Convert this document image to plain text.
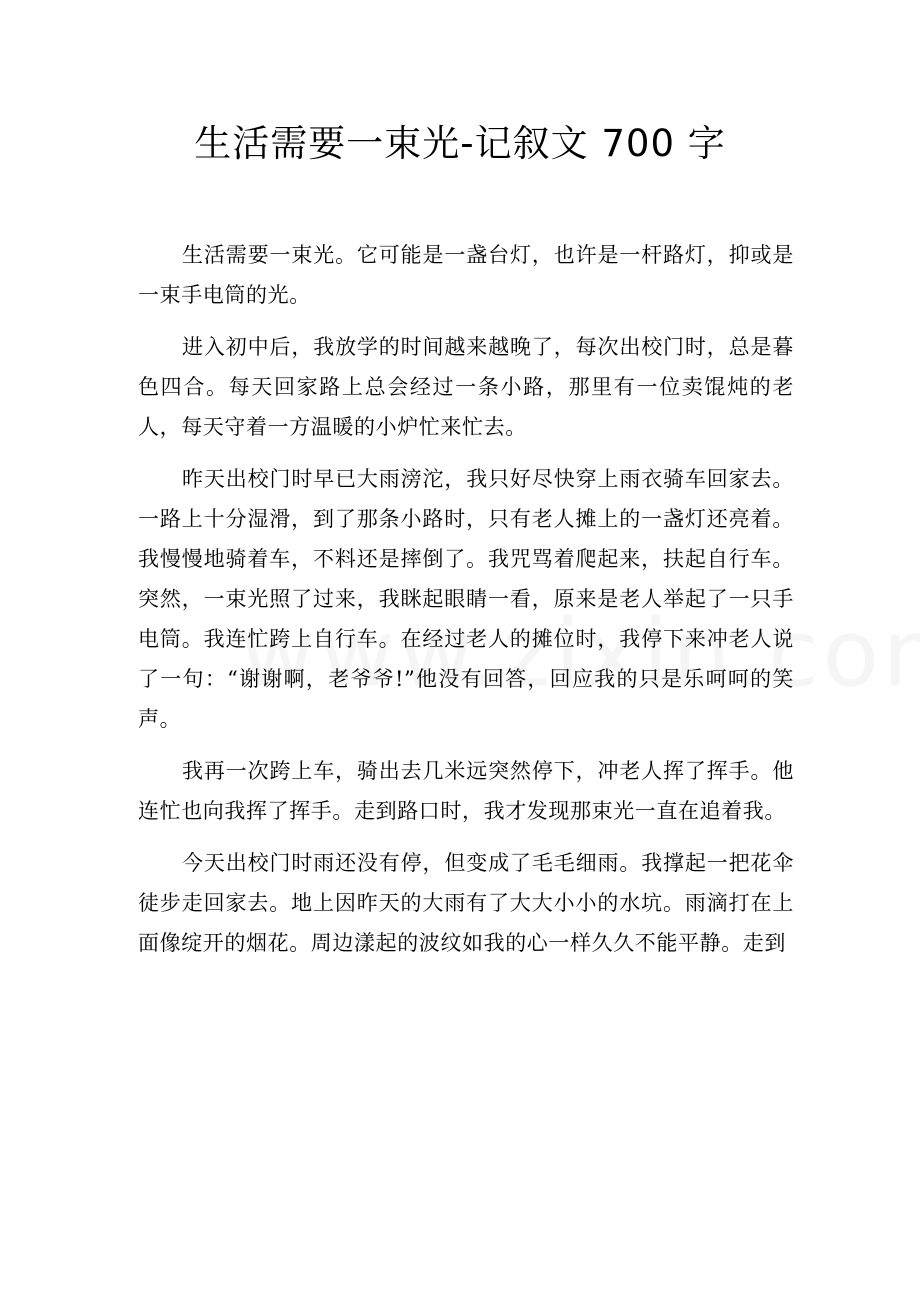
生活需要一束光-记叙文 700 字

生活需要一束光。它可能是一盏台灯，也许是一杆路灯，抑或是一束手电筒的光。

进入初中后，我放学的时间越来越晚了，每次出校门时，总是暮色四合。每天回家路上总会经过一条小路，那里有一位卖馄炖的老人，每天守着一方温暖的小炉忙来忙去。

昨天出校门时早已大雨滂沱，我只好尽快穿上雨衣骑车回家去。一路上十分湿滑，到了那条小路时，只有老人摊上的一盏灯还亮着。我慢慢地骑着车，不料还是摔倒了。我咒骂着爬起来，扶起自行车。突然，一束光照了过来，我眯起眼睛一看，原来是老人举起了一只手电筒。我连忙跨上自行车。在经过老人的摊位时，我停下来冲老人说了一句：“谢谢啊，老爷爷!”他没有回答，回应我的只是乐呵呵的笑声。

我再一次跨上车，骑出去几米远突然停下，冲老人挥了挥手。他连忙也向我挥了挥手。走到路口时，我才发现那束光一直在追着我。

今天出校门时雨还没有停，但变成了毛毛细雨。我撑起一把花伞徒步走回家去。地上因昨天的大雨有了大大小小的水坑。雨滴打在上面像绽开的烟花。周边漾起的波纹如我的心一样久久不能平静。走到
